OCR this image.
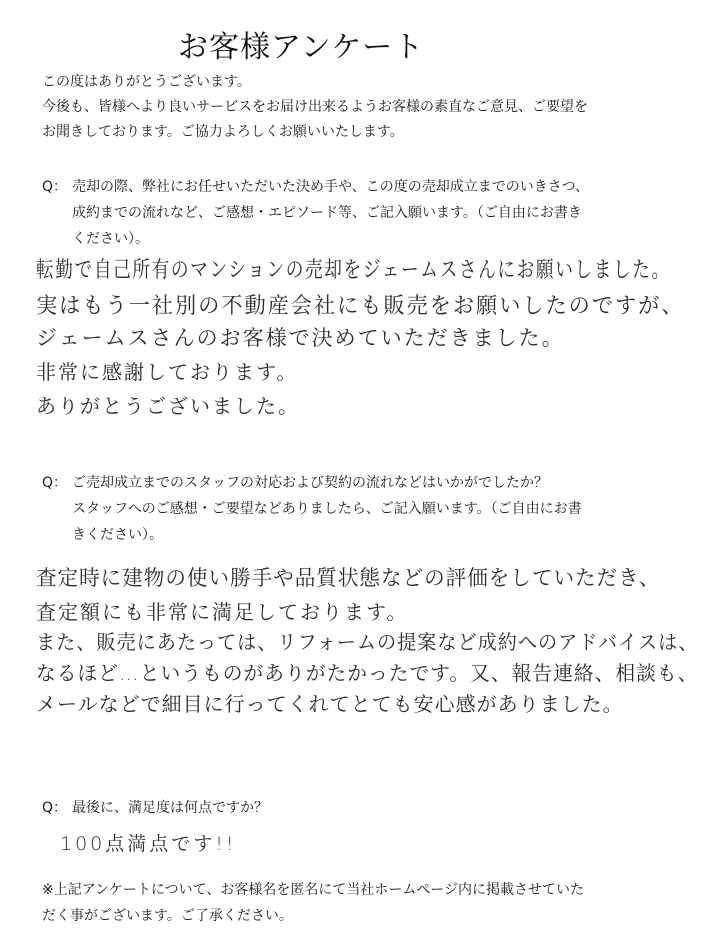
お客様アンケート
この度はありがとうございます。
今後も、皆様へより良いサービスをお届け出来るようお客様の素直なご意見、ご要望を
お聞きしております。ご協力よろしくお願いいたします。
Q： 売却の際、弊社にお任せいただいた決め手や、この度の売却成立までのいきさつ、
成約までの流れなど、ご感想・エピソード等、ご記入願います。（ご自由にお書き
ください）。
転勤で自己所有のマンションの売却をジェームスさんにお願いしました。
実はもう一社別の不動産会社にも販売をお願いしたのですが、
ジェームスさんのお客様で決めていただきました。
非常に感謝しております。
ありがとうございました。
Q： ご売却成立までのスタッフの対応および契約の流れなどはいかがでしたか？
スタッフへのご感想・ご要望などありましたら、ご記入願います。（ご自由にお書
きください）。
査定時に建物の使い勝手や品質状態などの評価をしていただき、
査定額にも非常に満足しております。
また、販売にあたっては、リフォームの提案など成約へのアドバイスは、
なるほど…というものがありがたかったです。又、報告連絡、相談も、
メールなどで細目に行ってくれてとても安心感がありました。
Q： 最後に、満足度は何点ですか？
100点満点です!!
※上記アンケートについて、お客様名を匿名にて当社ホームページ内に掲載させていた
だく事がございます。ご了承ください。
